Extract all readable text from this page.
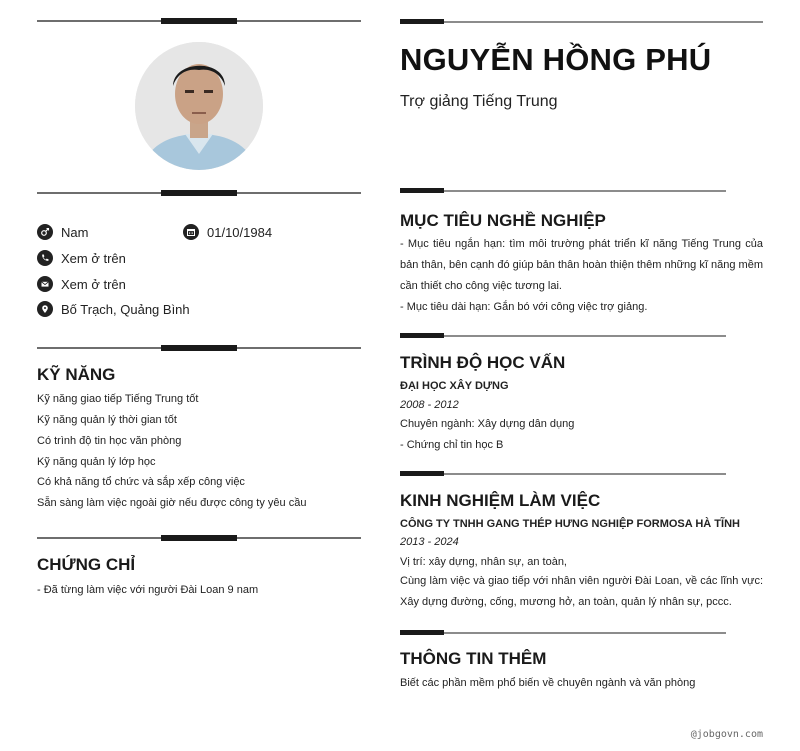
Nam	01/10/1984
Xem ở trên
Xem ở trên
Bố Trạch, Quảng Bình
KỸ NĂNG
Kỹ năng giao tiếp Tiếng Trung tốt
Kỹ năng quản lý thời gian tốt
Có trình độ tin học văn phòng
Kỹ năng quản lý lớp học
Có khả năng tổ chức và sắp xếp công việc
Sẵn sàng làm việc ngoài giờ nếu được công ty yêu cầu
CHỨNG CHỈ
- Đã từng làm việc với người Đài Loan 9 nam
NGUYỄN HỒNG PHÚ
Trợ giảng Tiếng Trung
MỤC TIÊU NGHỀ NGHIỆP
- Mục tiêu ngắn hạn: tìm môi trường phát triển kĩ năng Tiếng Trung của bản thân, bên cạnh đó giúp bản thân hoàn thiện thêm những kĩ năng mềm cần thiết cho công việc tương lai.
- Mục tiêu dài hạn: Gắn bó với công việc trợ giảng.
TRÌNH ĐỘ HỌC VẤN
ĐẠI HỌC XÂY DỰNG
2008 - 2012
Chuyên ngành: Xây dựng dân dụng
- Chứng chỉ tin học B
KINH NGHIỆM LÀM VIỆC
CÔNG TY TNHH GANG THÉP HƯNG NGHIỆP FORMOSA HÀ TĨNH
2013 - 2024
Vị trí: xây dựng, nhân sự, an toàn,
Cùng làm việc và giao tiếp với nhân viên người Đài Loan, về các lĩnh vực: Xây dựng đường, cống, mương hở, an toàn, quản lý nhân sự, pccc.
THÔNG TIN THÊM
Biết các phần mềm phổ biến về chuyên ngành và văn phòng
@jobgovn.com
